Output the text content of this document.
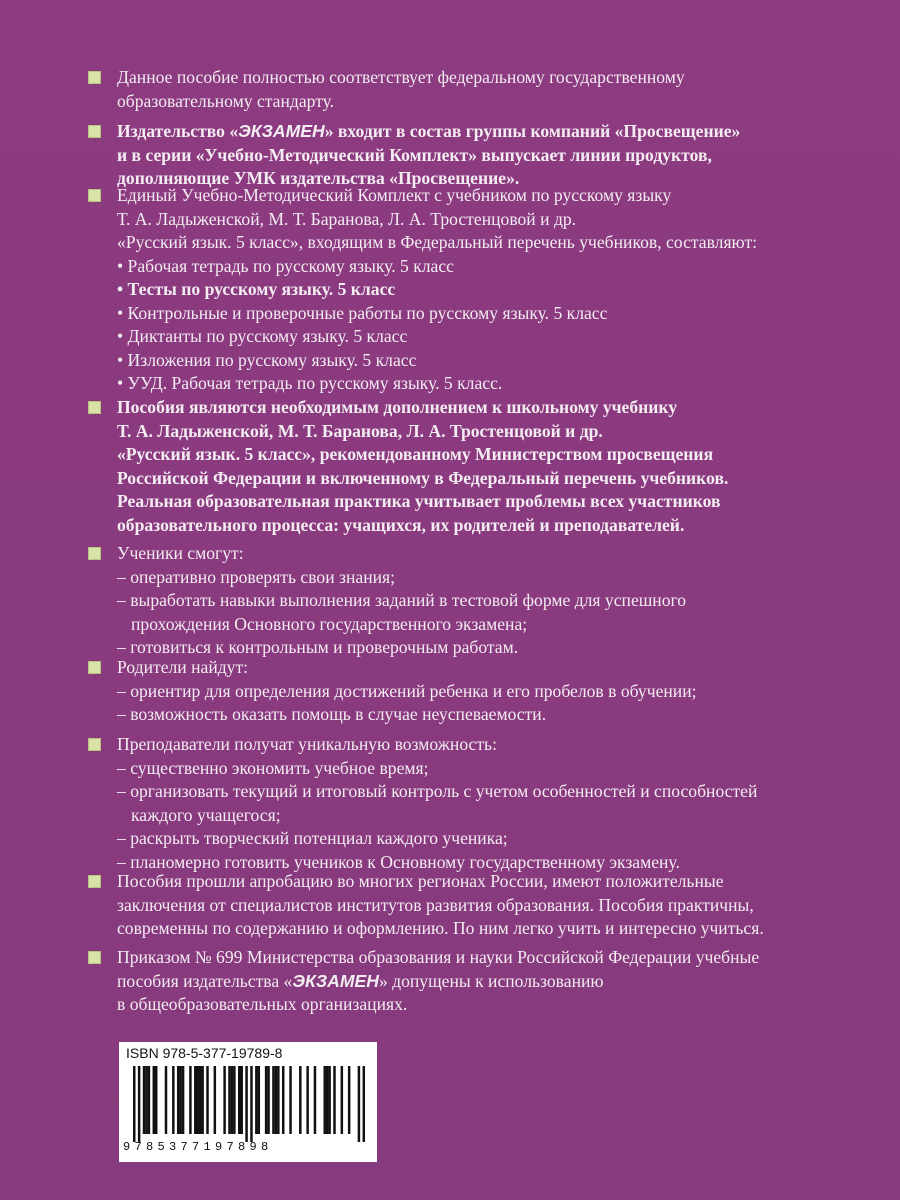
Данное пособие полностью соответствует федеральному государственному
образовательному стандарту.
Издательство «ЭКЗАМЕН» входит в состав группы компаний «Просвещение»
и в серии «Учебно-Методический Комплект» выпускает линии продуктов,
дополняющие УМК издательства «Просвещение».
Единый Учебно-Методический Комплект с учебником по русскому языку
Т. А. Ладыженской, М. Т. Баранова, Л. А. Тростенцовой и др.
«Русский язык. 5 класс», входящим в Федеральный перечень учебников, составляют:
• Рабочая тетрадь по русскому языку. 5 класс
• Тесты по русскому языку. 5 класс
• Контрольные и проверочные работы по русскому языку. 5 класс
• Диктанты по русскому языку. 5 класс
• Изложения по русскому языку. 5 класс
• УУД. Рабочая тетрадь по русскому языку. 5 класс.
Пособия являются необходимым дополнением к школьному учебнику
Т. А. Ладыженской, М. Т. Баранова, Л. А. Тростенцовой и др.
«Русский язык. 5 класс», рекомендованному Министерством просвещения
Российской Федерации и включенному в Федеральный перечень учебников.
Реальная образовательная практика учитывает проблемы всех участников
образовательного процесса: учащихся, их родителей и преподавателей.
Ученики смогут:
– оперативно проверять свои знания;
– выработать навыки выполнения заданий в тестовой форме для успешного
прохождения Основного государственного экзамена;
– готовиться к контрольным и проверочным работам.
Родители найдут:
– ориентир для определения достижений ребенка и его пробелов в обучении;
– возможность оказать помощь в случае неуспеваемости.
Преподаватели получат уникальную возможность:
– существенно экономить учебное время;
– организовать текущий и итоговый контроль с учетом особенностей и способностей
каждого учащегося;
– раскрыть творческий потенциал каждого ученика;
– планомерно готовить учеников к Основному государственному экзамену.
Пособия прошли апробацию во многих регионах России, имеют положительные
заключения от специалистов институтов развития образования. Пособия практичны,
современны по содержанию и оформлению. По ним легко учить и интересно учиться.
Приказом № 699 Министерства образования и науки Российской Федерации учебные
пособия издательства «ЭКЗАМЕН» допущены к использованию
в общеобразовательных организациях.
ISBN 978-5-377-19789-8
9785377197898
